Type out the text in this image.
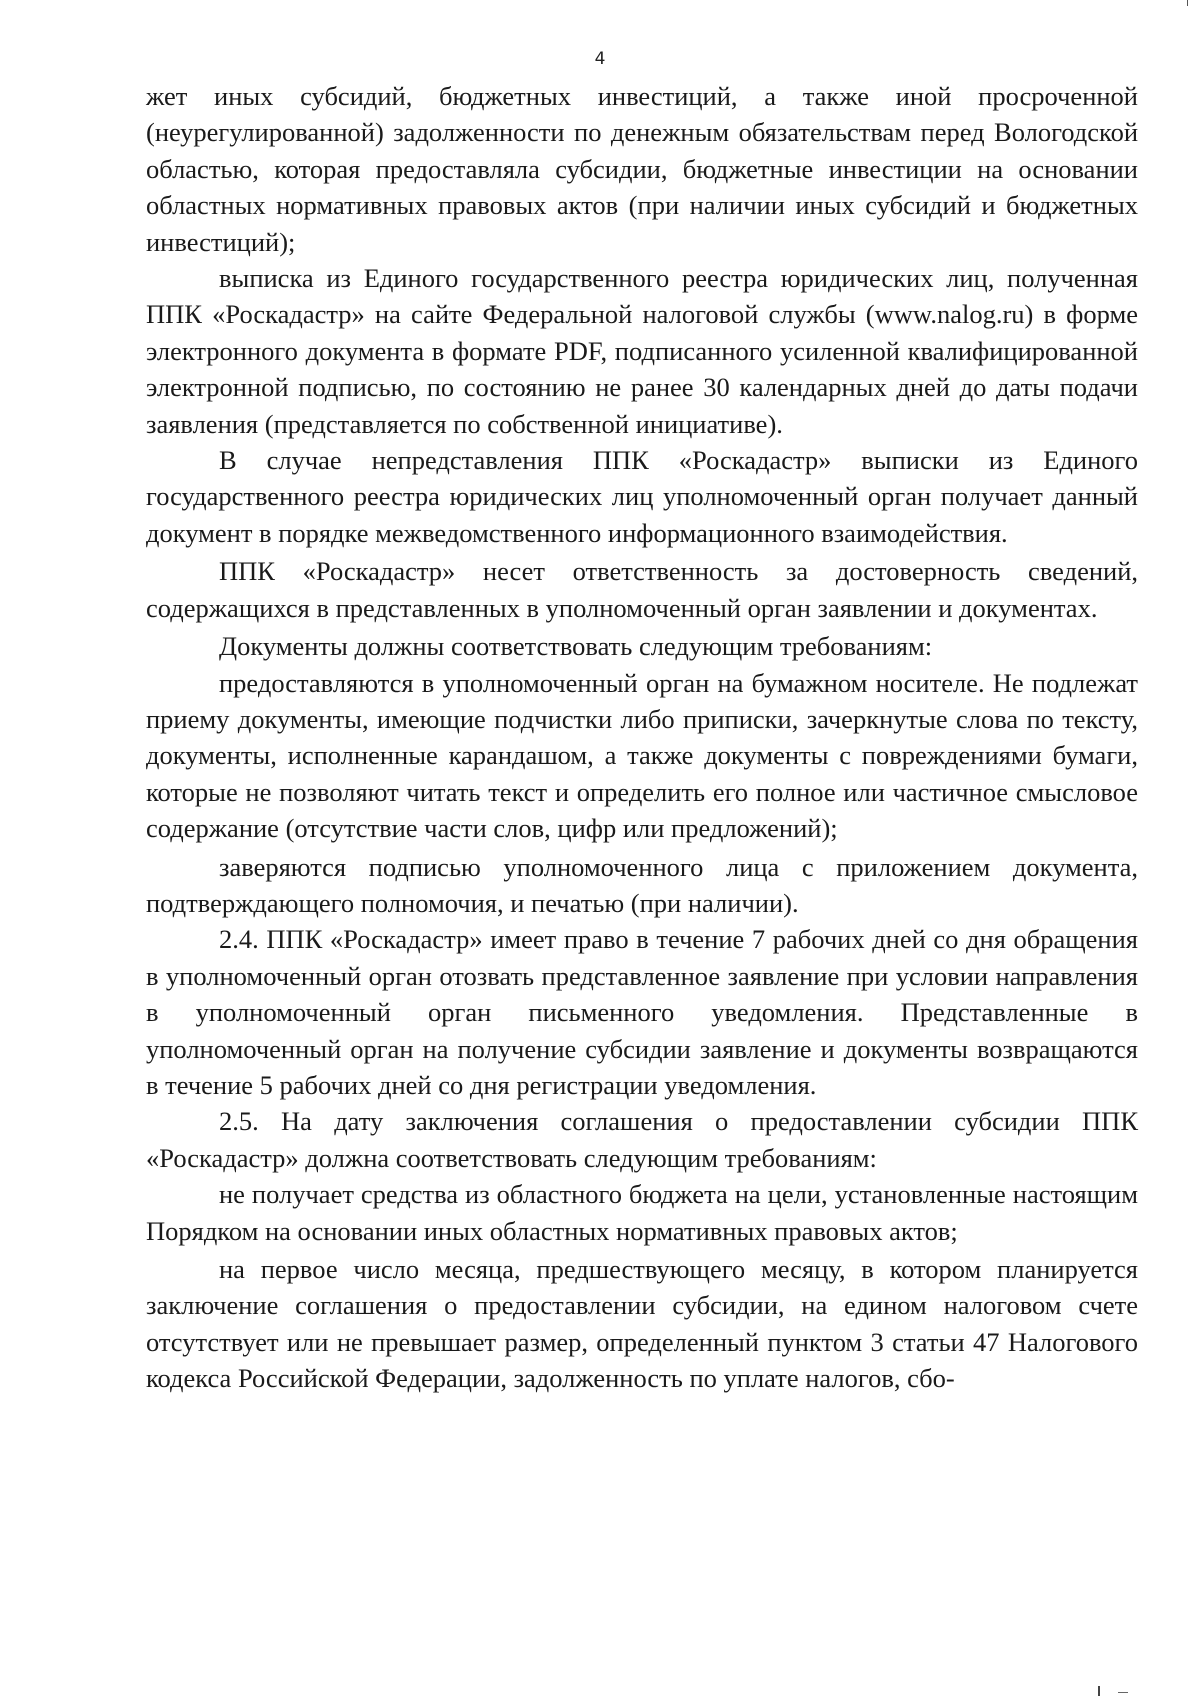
4

жет иных субсидий, бюджетных инвестиций, а также иной просроченной (неурегулированной) задолженности по денежным обязательствам перед Вологодской областью, которая предоставляла субсидии, бюджетные инвестиции на основании областных нормативных правовых актов (при наличии иных субсидий и бюджетных инвестиций);

выписка из Единого государственного реестра юридических лиц, полученная ППК «Роскадастр» на сайте Федеральной налоговой службы (www.nalog.ru) в форме электронного документа в формате PDF, подписанного усиленной квалифицированной электронной подписью, по состоянию не ранее 30 календарных дней до даты подачи заявления (представляется по собственной инициативе).

В случае непредставления ППК «Роскадастр» выписки из Единого государственного реестра юридических лиц уполномоченный орган получает данный документ в порядке межведомственного информационного взаимодействия.

ППК «Роскадастр» несет ответственность за достоверность сведений, содержащихся в представленных в уполномоченный орган заявлении и документах.

Документы должны соответствовать следующим требованиям:

предоставляются в уполномоченный орган на бумажном носителе. Не подлежат приему документы, имеющие подчистки либо приписки, зачеркнутые слова по тексту, документы, исполненные карандашом, а также документы с повреждениями бумаги, которые не позволяют читать текст и определить его полное или частичное смысловое содержание (отсутствие части слов, цифр или предложений);

заверяются подписью уполномоченного лица с приложением документа, подтверждающего полномочия, и печатью (при наличии).

2.4. ППК «Роскадастр» имеет право в течение 7 рабочих дней со дня обращения в уполномоченный орган отозвать представленное заявление при условии направления в уполномоченный орган письменного уведомления. Представленные в уполномоченный орган на получение субсидии заявление и документы возвращаются в течение 5 рабочих дней со дня регистрации уведомления.

2.5. На дату заключения соглашения о предоставлении субсидии ППК «Роскадастр» должна соответствовать следующим требованиям:

не получает средства из областного бюджета на цели, установленные настоящим Порядком на основании иных областных нормативных правовых актов;

на первое число месяца, предшествующего месяцу, в котором планируется заключение соглашения о предоставлении субсидии, на едином налоговом счете отсутствует или не превышает размер, определенный пунктом 3 статьи 47 Налогового кодекса Российской Федерации, задолженность по уплате налогов, сбо-
